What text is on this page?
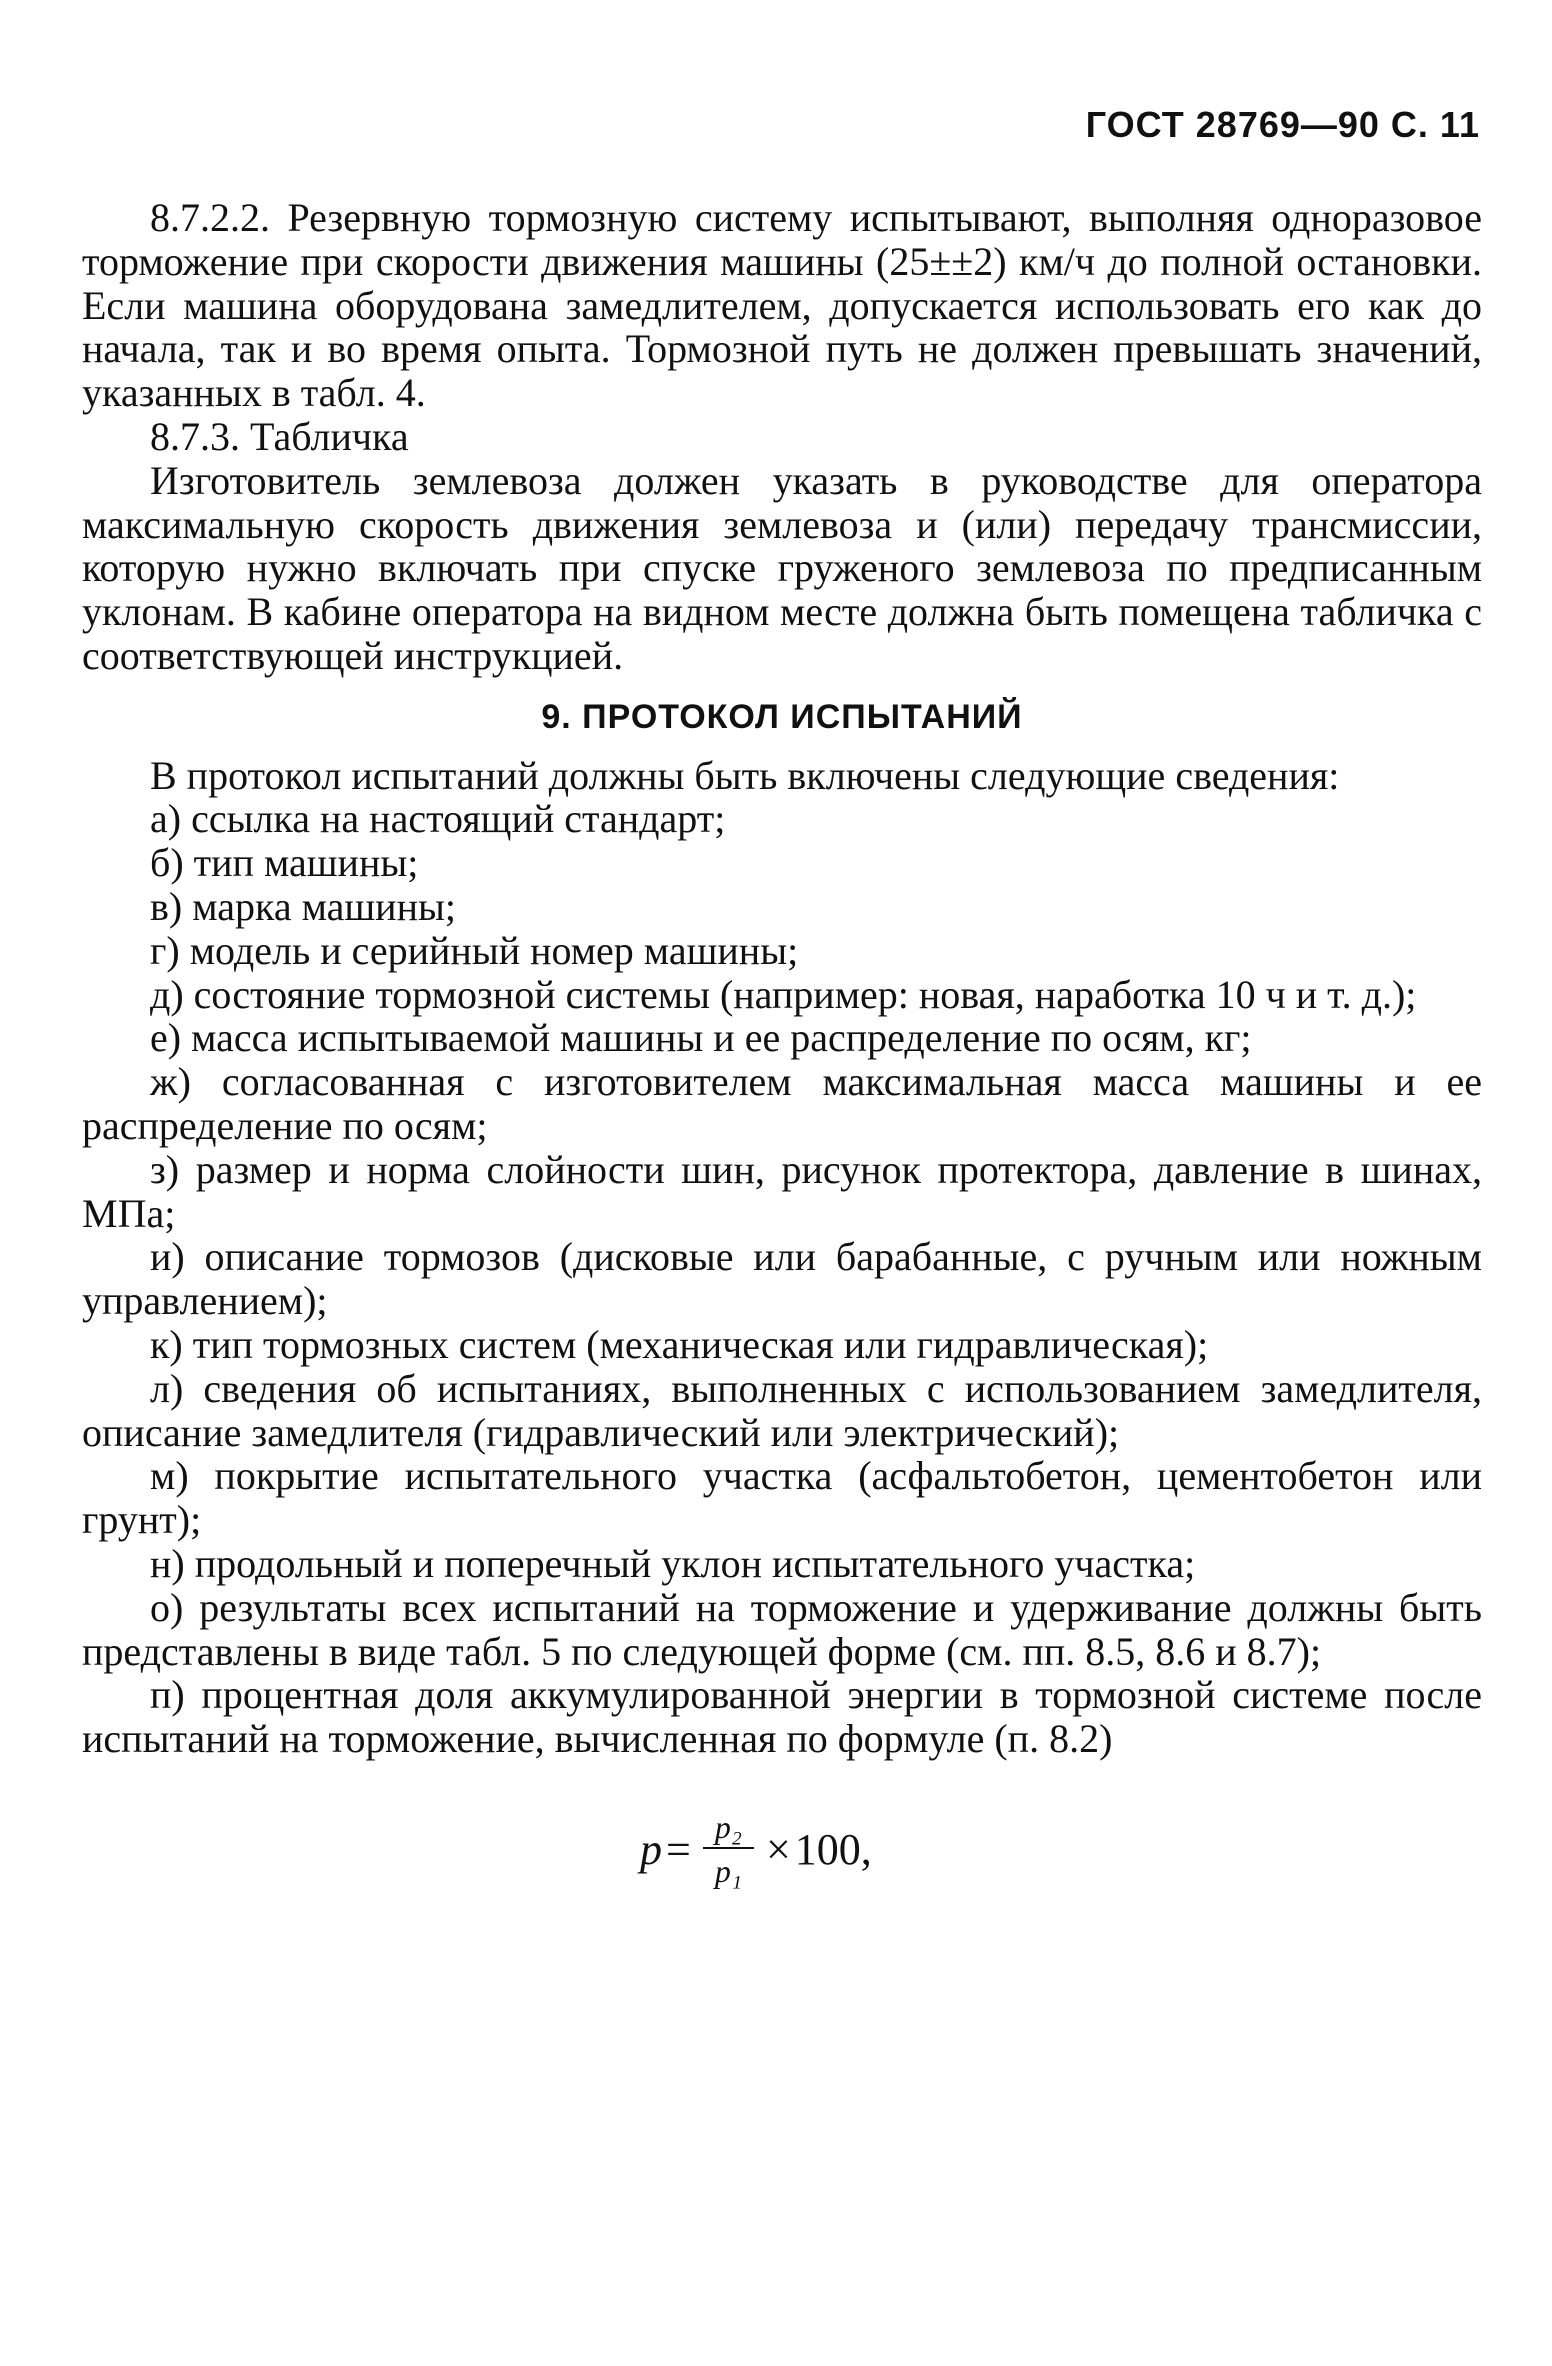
ГОСТ 28769—90 С. 11

8.7.2.2. Резервную тормозную систему испытывают, выполняя одноразовое торможение при скорости движения машины (25±±2) км/ч до полной остановки. Если машина оборудована замедлителем, допускается использовать его как до начала, так и во время опыта. Тормозной путь не должен превышать значений, указанных в табл. 4.

8.7.3. Табличка

Изготовитель землевоза должен указать в руководстве для оператора максимальную скорость движения землевоза и (или) передачу трансмиссии, которую нужно включать при спуске груженого землевоза по предписанным уклонам. В кабине оператора на видном месте должна быть помещена табличка с соответствующей инструкцией.

9. ПРОТОКОЛ ИСПЫТАНИЙ

В протокол испытаний должны быть включены следующие сведения:

а) ссылка на настоящий стандарт;

б) тип машины;

в) марка машины;

г) модель и серийный номер машины;

д) состояние тормозной системы (например: новая, наработка 10 ч и т. д.);

е) масса испытываемой машины и ее распределение по осям, кг;

ж) согласованная с изготовителем максимальная масса машины и ее распределение по осям;

з) размер и норма слойности шин, рисунок протектора, давление в шинах, МПа;

и) описание тормозов (дисковые или барабанные, с ручным или ножным управлением);

к) тип тормозных систем (механическая или гидравлическая);

л) сведения об испытаниях, выполненных с использованием замедлителя, описание замедлителя (гидравлический или электрический);

м) покрытие испытательного участка (асфальтобетон, цементобетон или грунт);

н) продольный и поперечный уклон испытательного участка;

о) результаты всех испытаний на торможение и удерживание должны быть представлены в виде табл. 5 по следующей форме (см. пп. 8.5, 8.6 и 8.7);

п) процентная доля аккумулированной энергии в тормозной системе после испытаний на торможение, вычисленная по формуле (п. 8.2)

$p = \frac{\text{p₂}}{\text{p₁}} \times 100$,
